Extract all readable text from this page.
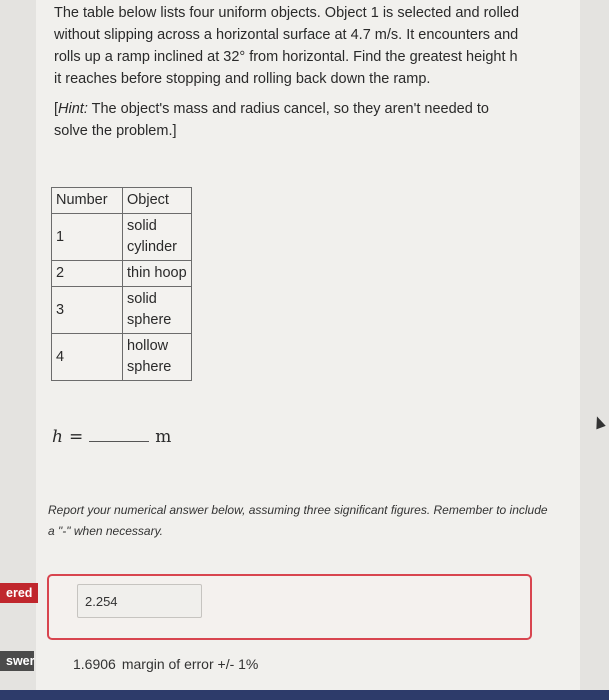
The table below lists four uniform objects. Object 1 is selected and rolled without slipping across a horizontal surface at 4.7 m/s. It encounters and rolls up a ramp inclined at 32° from horizontal. Find the greatest height h it reaches before stopping and rolling back down the ramp.
[Hint: The object's mass and radius cancel, so they aren't needed to solve the problem.]
Number	Object
1	solid cylinder
2	thin hoop
3	solid sphere
4	hollow sphere
h =	m
Report your numerical answer below, assuming three significant figures. Remember to include a "-" when necessary.
ered
2.254
swer	1.6906 margin of error +/- 1%
